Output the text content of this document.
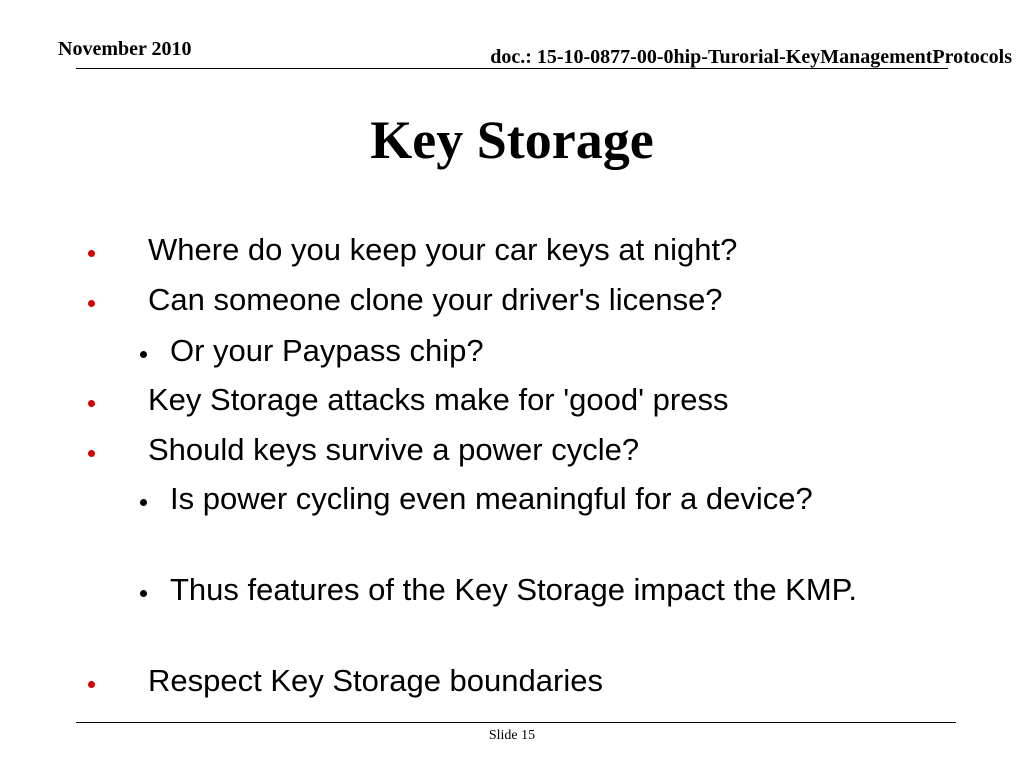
November 2010	doc.: 15-10-0877-00-0hip-Turorial-KeyManagementProtocols
Key Storage
Where do you keep your car keys at night?
Can someone clone your driver's license?
Or your Paypass chip?
Key Storage attacks make for 'good' press
Should keys survive a power cycle?
Is power cycling even meaningful for a device?
Thus features of the Key Storage impact the KMP.
Respect Key Storage boundaries
Slide 15
